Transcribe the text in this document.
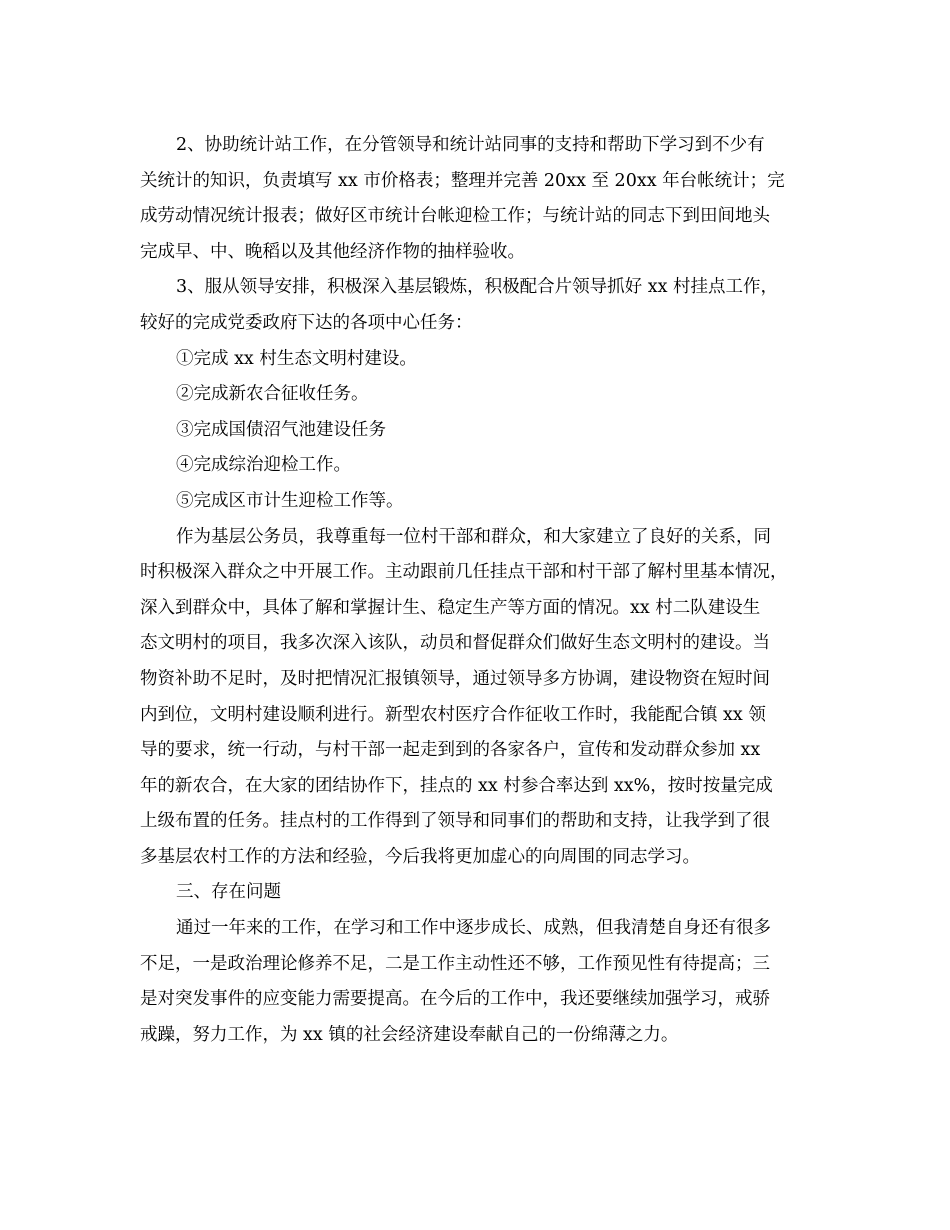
2、协助统计站工作，在分管领导和统计站同事的支持和帮助下学习到不少有
关统计的知识，负责填写 xx 市价格表；整理并完善 20xx 至 20xx 年台帐统计；完
成劳动情况统计报表；做好区市统计台帐迎检工作；与统计站的同志下到田间地头
完成早、中、晚稻以及其他经济作物的抽样验收。
3、服从领导安排，积极深入基层锻炼，积极配合片领导抓好 xx 村挂点工作，
较好的完成党委政府下达的各项中心任务：
①完成 xx 村生态文明村建设。
②完成新农合征收任务。
③完成国债沼气池建设任务
④完成综治迎检工作。
⑤完成区市计生迎检工作等。
作为基层公务员，我尊重每一位村干部和群众，和大家建立了良好的关系，同
时积极深入群众之中开展工作。主动跟前几任挂点干部和村干部了解村里基本情况，
深入到群众中，具体了解和掌握计生、稳定生产等方面的情况。xx 村二队建设生
态文明村的项目，我多次深入该队，动员和督促群众们做好生态文明村的建设。当
物资补助不足时，及时把情况汇报镇领导，通过领导多方协调，建设物资在短时间
内到位，文明村建设顺利进行。新型农村医疗合作征收工作时，我能配合镇 xx 领
导的要求，统一行动，与村干部一起走到到的各家各户，宣传和发动群众参加 xx
年的新农合，在大家的团结协作下，挂点的 xx 村参合率达到 xx%，按时按量完成
上级布置的任务。挂点村的工作得到了领导和同事们的帮助和支持，让我学到了很
多基层农村工作的方法和经验，今后我将更加虚心的向周围的同志学习。
三、存在问题
通过一年来的工作，在学习和工作中逐步成长、成熟，但我清楚自身还有很多
不足，一是政治理论修养不足，二是工作主动性还不够，工作预见性有待提高；三
是对突发事件的应变能力需要提高。在今后的工作中，我还要继续加强学习，戒骄
戒躁，努力工作，为 xx 镇的社会经济建设奉献自己的一份绵薄之力。
